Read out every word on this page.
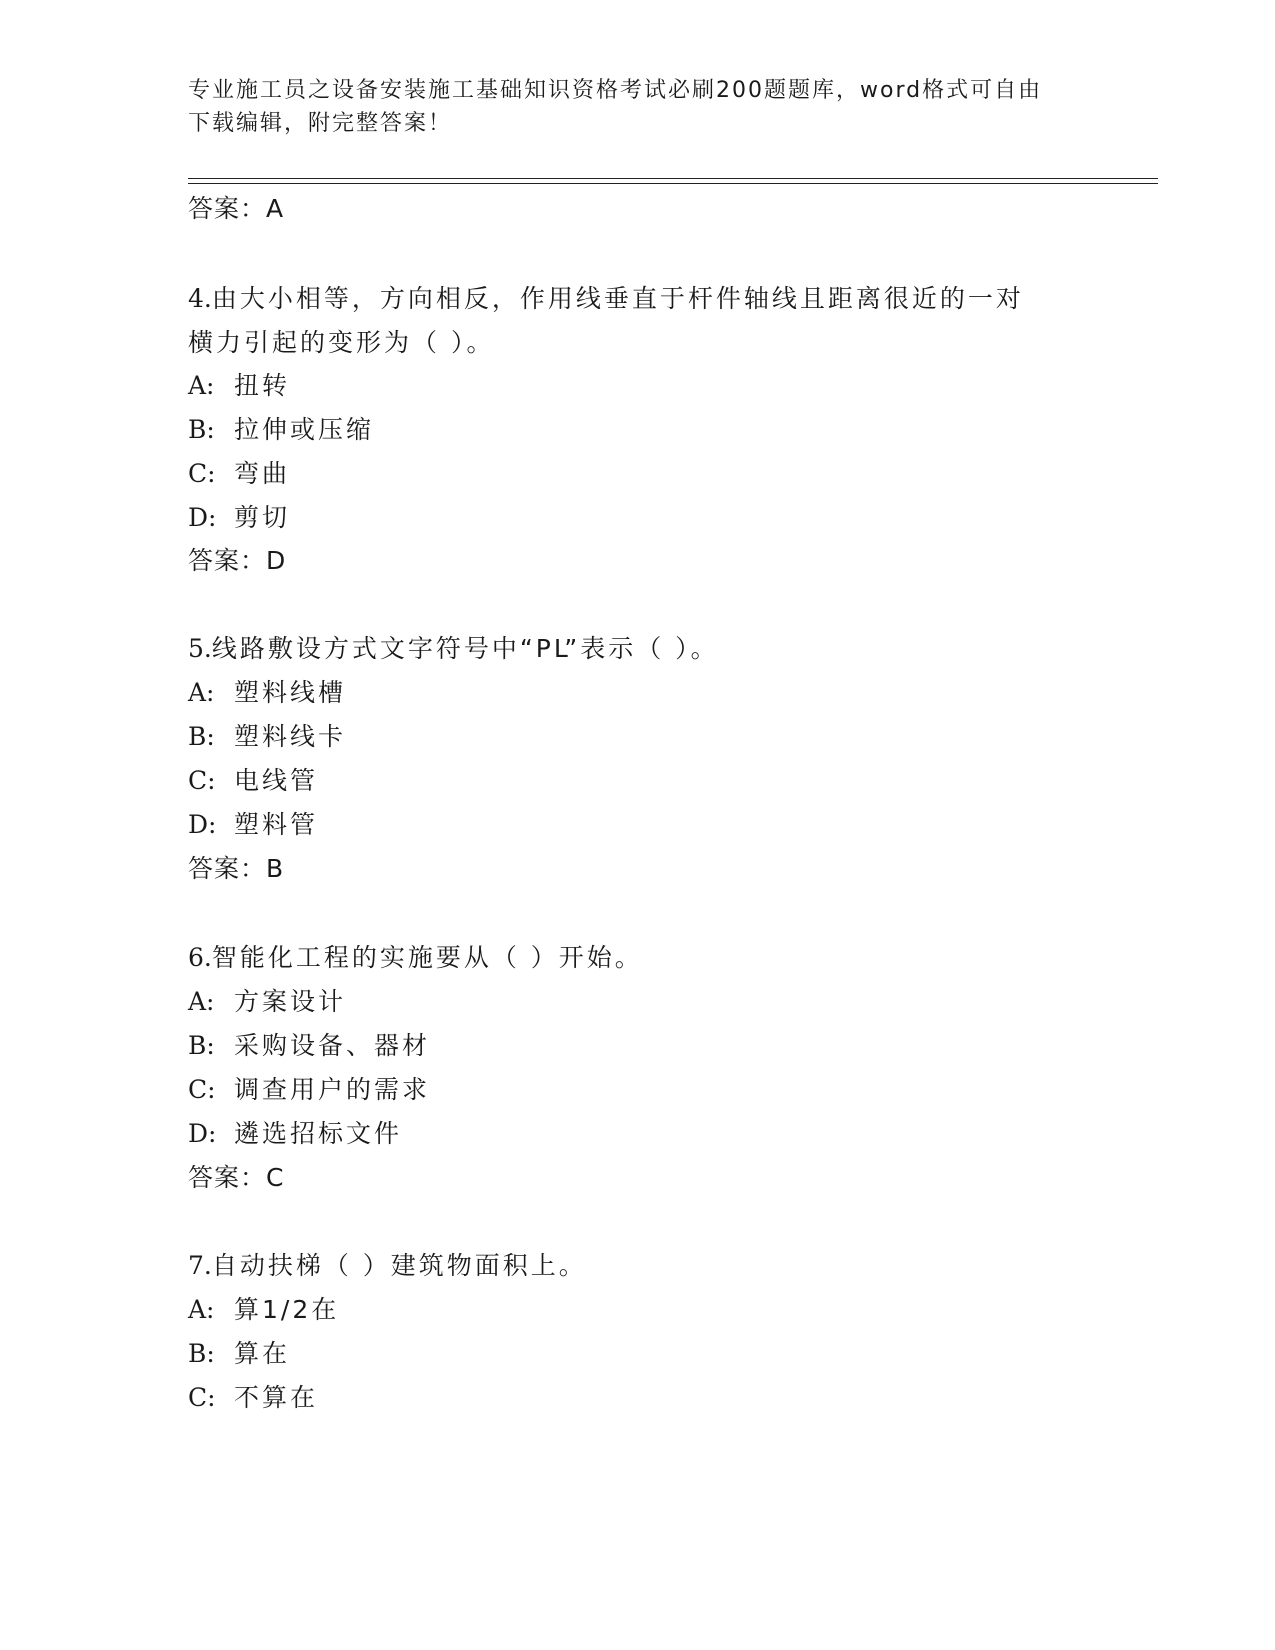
专业施工员之设备安装施工基础知识资格考试必刷200题题库，word格式可自由
下载编辑，附完整答案！
答案：A
4.由大小相等，方向相反，作用线垂直于杆件轴线且距离很近的一对
横力引起的变形为（ ）。
A: 扭转
B: 拉伸或压缩
C: 弯曲
D: 剪切
答案：D
5.线路敷设方式文字符号中“PL”表示（ ）。
A: 塑料线槽
B: 塑料线卡
C: 电线管
D: 塑料管
答案：B
6.智能化工程的实施要从（ ）开始。
A: 方案设计
B: 采购设备、器材
C: 调查用户的需求
D: 遴选招标文件
答案：C
7.自动扶梯（ ）建筑物面积上。
A: 算1/2在
B: 算在
C: 不算在
